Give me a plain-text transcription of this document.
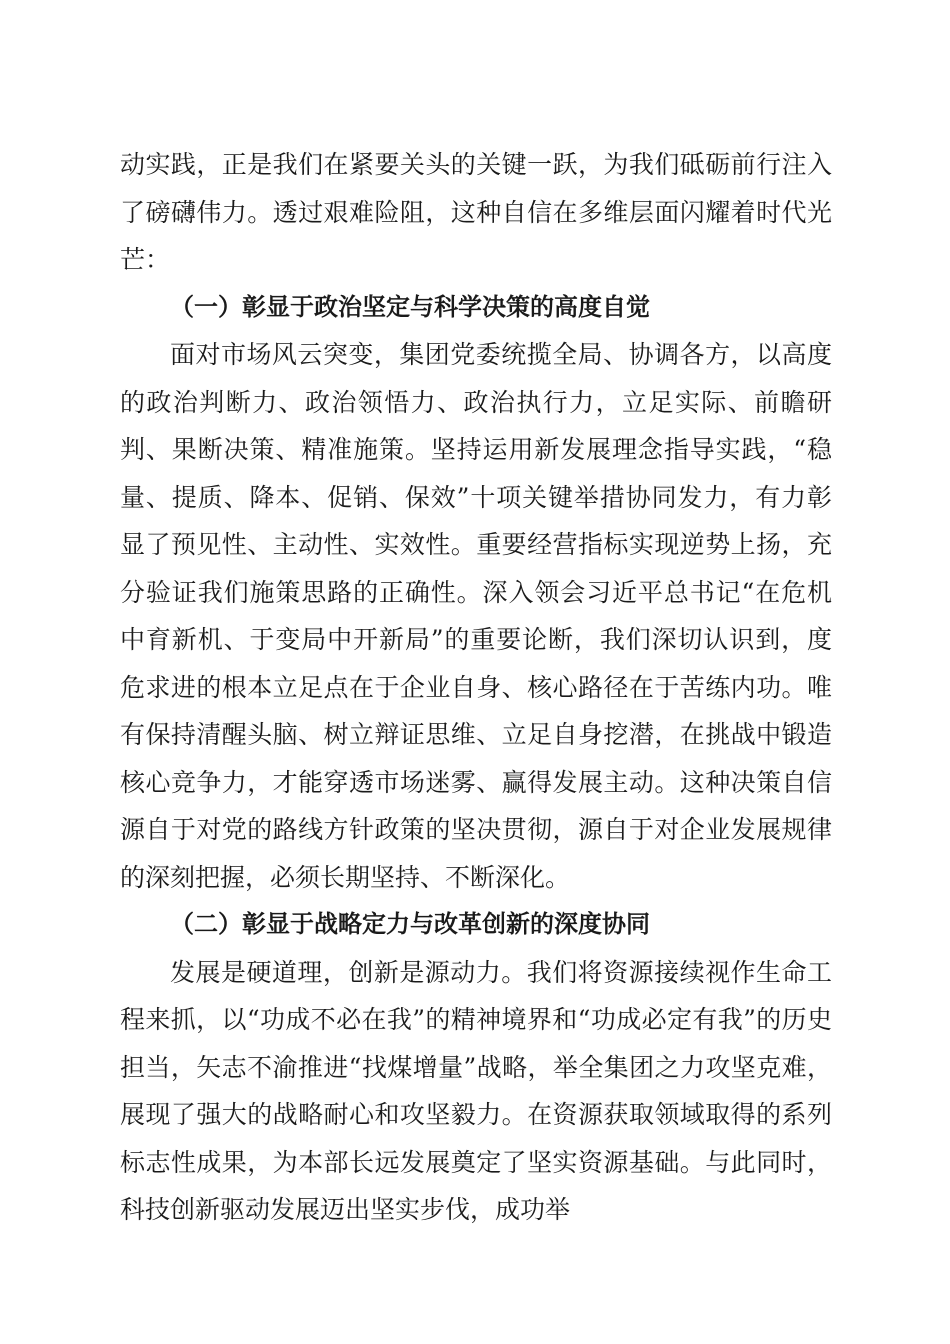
动实践，正是我们在紧要关头的关键一跃，为我们砥砺前行注入了磅礴伟力。透过艰难险阻，这种自信在多维层面闪耀着时代光芒：

（一）彰显于政治坚定与科学决策的高度自觉

面对市场风云突变，集团党委统揽全局、协调各方，以高度的政治判断力、政治领悟力、政治执行力，立足实际、前瞻研判、果断决策、精准施策。坚持运用新发展理念指导实践，“稳量、提质、降本、促销、保效”十项关键举措协同发力，有力彰显了预见性、主动性、实效性。重要经营指标实现逆势上扬，充分验证我们施策思路的正确性。深入领会习近平总书记“在危机中育新机、于变局中开新局”的重要论断，我们深切认识到，度危求进的根本立足点在于企业自身、核心路径在于苦练内功。唯有保持清醒头脑、树立辩证思维、立足自身挖潜，在挑战中锻造核心竞争力，才能穿透市场迷雾、赢得发展主动。这种决策自信源自于对党的路线方针政策的坚决贯彻，源自于对企业发展规律的深刻把握，必须长期坚持、不断深化。

（二）彰显于战略定力与改革创新的深度协同

发展是硬道理，创新是源动力。我们将资源接续视作生命工程来抓，以“功成不必在我”的精神境界和“功成必定有我”的历史担当，矢志不渝推进“找煤增量”战略，举全集团之力攻坚克难，展现了强大的战略耐心和攻坚毅力。在资源获取领域取得的系列标志性成果，为本部长远发展奠定了坚实资源基础。与此同时，科技创新驱动发展迈出坚实步伐，成功举
